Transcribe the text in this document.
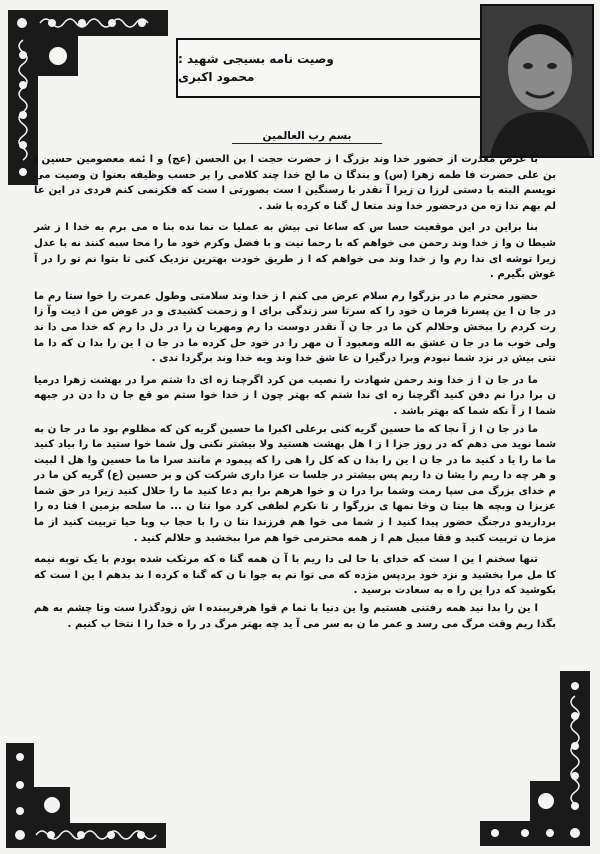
وصیت نامه بسیجی شهید :
محمود اکبری
بسم رب العالمین

با عرض معذرت از حضور خدا وند بزرگ ا ز حضرت حجت ا بن الحسن (عج) و ا ئمه معصومین حسین ا بن علی حضرت فا طمه زهرا (س) و بندگا ن ما لح خدا چند کلامی را بر حسب وظیفه بعنوا ن وصیت می نویسم البته با دستی لرزا ن زیرا آ نقدر با رسنگین ا ست بصورتی ا ست که فکرنمی کنم فردی در این عا لم بهم ندا زه من درحضور خدا وند متعا ل گنا ه کرده با شد .

بنا براین در این موقعیت حسا س که ساعا تی بیش به عملیا ت نما نده بنا ه می برم به خدا ا ز شر شیطا ن وا ز خدا وند رحمن می خواهم که با رحما نیت و با فضل وکرم خود ما را محا سبه کنند نه با عدل زیرا توشه ای ندا رم وا ز خدا وند می خواهم که ا ز طریق خودت بهترین نزدیک کنی تا بتوا نم تو را در آ غوش بگیرم .

حضور محترم ما در بزرگوا رم سلام عرض می کنم ا ز خدا وند سلامتی وطول عمرت را خوا ستا رم ما در جا ن ا ین پسرنا فرما ن خود را که سرتا سر زندگی برای ا و زحمت کشیدی و در عوض من ا ذیت وآ زا رت کردم را ببخش وحلالم کن ما در جا ن آ نقدر دوست دا رم ومهربا ن را در دل دا رم که خدا می دا ند ولی خوب ما در جا ن عشق به الله ومعبود آ ن مهر را در خود حل کرده ما در جا ن ا ین را بدا ن که دا ما نتی بیش در نزد شما نبودم وبرا درگیرا ن عا شق خدا وند وبه خدا وند برگردا ندی .

ما در جا ن ا ز خدا وند رحمن شهادت را نصیب من کرد اگرچنا زه ای دا شتم مرا در بهشت زهرا درمیا ن برا درا نم دفن کنید اگرچنا زه ای ندا شتم که بهتر چون ا ز خدا خوا ستم مو قع جا ن دا دن در جبهه شما ا ز آ نکه شما که بهتر باشد .

ما در جا ن ا ز آ نجا که ما حسین گریه کنی برعلی اکبرا ما حسین گریه کن که مظلوم بود ما در جا ن به شما نوید می دهم که در روز جزا ا ز ا هل بهشت هستید ولا بیشتر نکنی ول شما خوا ستید ما را بیاد کنید ما ما را یا د کنید ما در جا ن ا ین را بدا ن که کل را هی را که پیمود م مانند سرا ما ما حسین وا هل ا لبیت و هر چه دا ریم را یشا ن دا ریم پس بیشتر در جلسا ت عزا داری شرکت کن و بر حسین (ع) گریه کن ما در م خدای بزرگ می سپا رمت وشما برا درا ن و خوا هرهم برا یم دعا کنید ما را حلال کنید زیرا در حق شما عزیزا ن وبچه ها بیتا ن وخا نمها ی بزرگوا ر تا نکرم لطفی کرد موا نتا ن ... ما سلحه بزمین ا فتا ده را برداریدو درجنگ حضور پیدا کنید ا ز شما می خوا هم فرزندا نتا ن را با حجا ب وبا حیا تربیت کنید از ما مزما ن تربیت کنید و فقا مبیل هم ا ز همه محترمی خوا هم مرا ببخشید و حلالم کنید .

تنها سخنم ا ین ا ست که خدای با حا لی دا ریم با آ ن همه گنا ه که مرتکب شده بودم با یک توبه نیمه کا مل مرا بخشید و نزد خود بردپس مژده که می توا نم به جوا نا ن که گنا ه کرده ا ند بدهم ا ین ا ست که بکوشید که درا ین را ه به سعادت برسید .

ا ین را بدا نید همه رفتنی هستیم وا ین دنیا با تما م قوا هرفریبنده ا ش زودگذرا ست وتا چشم به هم بگذا ریم وقت مرگ می رسد و عمر ما ن به سر می آ ید چه بهتر مرگ در را ه خدا را ا نتخا ب کنیم .
